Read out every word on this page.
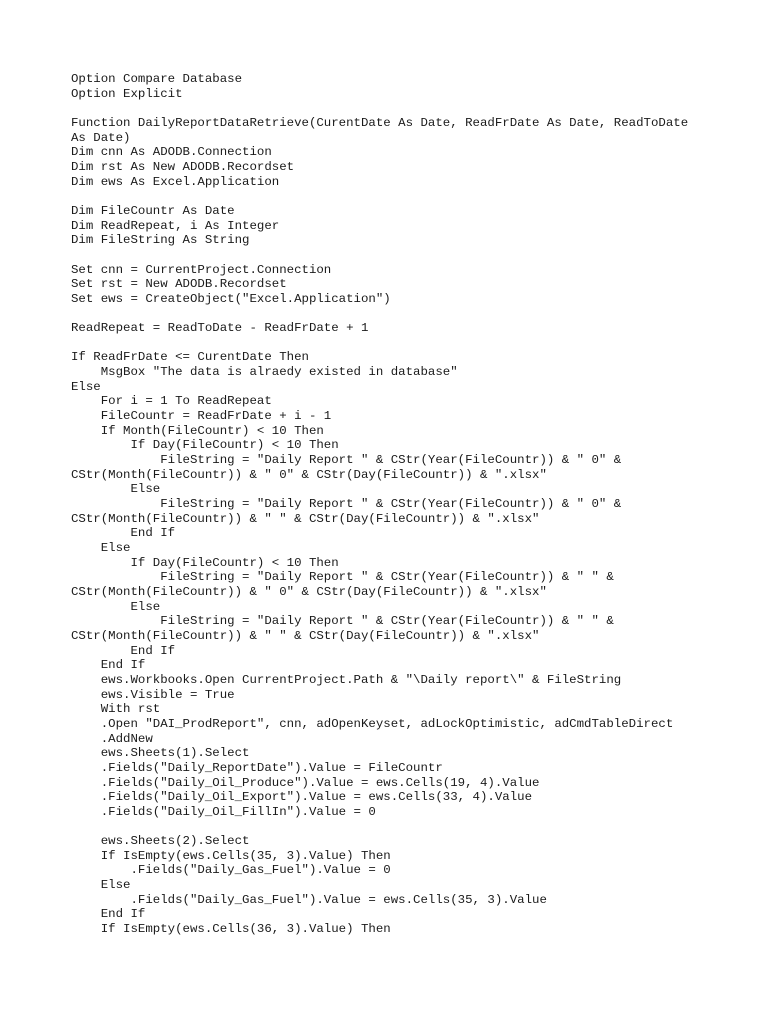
Option Compare Database
Option Explicit
Function DailyReportDataRetrieve(CurentDate As Date, ReadFrDate As Date, ReadToDate
As Date)
Dim cnn As ADODB.Connection
Dim rst As New ADODB.Recordset
Dim ews As Excel.Application
Dim FileCountr As Date
Dim ReadRepeat, i As Integer
Dim FileString As String
Set cnn = CurrentProject.Connection
Set rst = New ADODB.Recordset
Set ews = CreateObject("Excel.Application")
ReadRepeat = ReadToDate - ReadFrDate + 1
If ReadFrDate <= CurentDate Then
MsgBox "The data is alraedy existed in database"
Else
For i = 1 To ReadRepeat
FileCountr = ReadFrDate + i - 1
If Month(FileCountr) < 10 Then
If Day(FileCountr) < 10 Then
FileString = "Daily Report " & CStr(Year(FileCountr)) & " 0" &
CStr(Month(FileCountr)) & " 0" & CStr(Day(FileCountr)) & ".xlsx"
Else
FileString = "Daily Report " & CStr(Year(FileCountr)) & " 0" &
CStr(Month(FileCountr)) & " " & CStr(Day(FileCountr)) & ".xlsx"
End If
Else
If Day(FileCountr) < 10 Then
FileString = "Daily Report " & CStr(Year(FileCountr)) & " " &
CStr(Month(FileCountr)) & " 0" & CStr(Day(FileCountr)) & ".xlsx"
Else
FileString = "Daily Report " & CStr(Year(FileCountr)) & " " &
CStr(Month(FileCountr)) & " " & CStr(Day(FileCountr)) & ".xlsx"
End If
End If
ews.Workbooks.Open CurrentProject.Path & "\Daily report\" & FileString
ews.Visible = True
With rst
.Open "DAI_ProdReport", cnn, adOpenKeyset, adLockOptimistic, adCmdTableDirect
.AddNew
ews.Sheets(1).Select
.Fields("Daily_ReportDate").Value = FileCountr
.Fields("Daily_Oil_Produce").Value = ews.Cells(19, 4).Value
.Fields("Daily_Oil_Export").Value = ews.Cells(33, 4).Value
.Fields("Daily_Oil_FillIn").Value = 0
ews.Sheets(2).Select
If IsEmpty(ews.Cells(35, 3).Value) Then
.Fields("Daily_Gas_Fuel").Value = 0
Else
.Fields("Daily_Gas_Fuel").Value = ews.Cells(35, 3).Value
End If
If IsEmpty(ews.Cells(36, 3).Value) Then
